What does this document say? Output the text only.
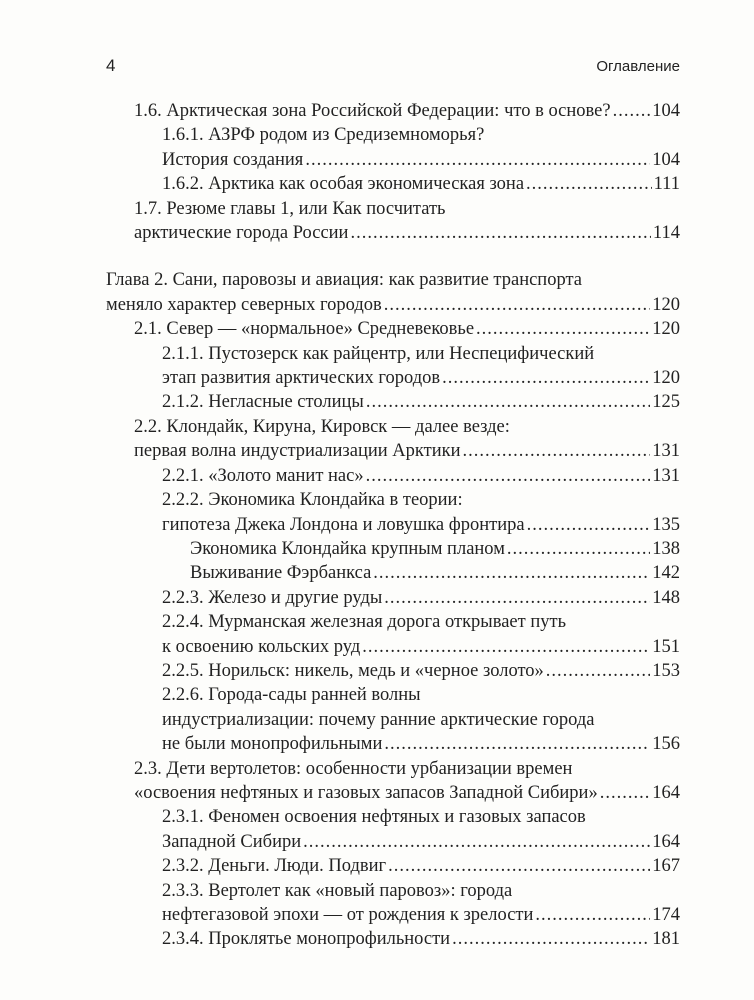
4	Оглавление
1.6. Арктическая зона Российской Федерации: что в основе? ..... 104
1.6.1. АЗРФ родом из Средиземноморья?
История создания .....	104
1.6.2. Арктика как особая экономическая зона .....	111
1.7. Резюме главы 1, или Как посчитать
арктические города России .....	114
Глава 2. Сани, паровозы и авиация: как развитие транспорта
меняло характер северных городов .....	120
2.1. Север — «нормальное» Средневековье .....	120
2.1.1. Пустозерск как райцентр, или Неспецифический
этап развития арктических городов .....	120
2.1.2. Негласные столицы .....	125
2.2. Клондайк, Кируна, Кировск — далее везде:
первая волна индустриализации Арктики .....	131
2.2.1. «Золото манит нас» .....	131
2.2.2. Экономика Клондайка в теории:
гипотеза Джека Лондона и ловушка фронтира .....	135
Экономика Клондайка крупным планом .....	138
Выживание Фэрбанкса .....	142
2.2.3. Железо и другие руды .....	148
2.2.4. Мурманская железная дорога открывает путь
к освоению кольских руд .....	151
2.2.5. Норильск: никель, медь и «черное золото» .....	153
2.2.6. Города-сады ранней волны
индустриализации: почему ранние арктические города
не были монопрофильными .....	156
2.3. Дети вертолетов: особенности урбанизации времен
«освоения нефтяных и газовых запасов Западной Сибири» .....	164
2.3.1. Феномен освоения нефтяных и газовых запасов
Западной Сибири .....	164
2.3.2. Деньги. Люди. Подвиг .....	167
2.3.3. Вертолет как «новый паровоз»: города
нефтегазовой эпохи — от рождения к зрелости .....	174
2.3.4. Проклятье монопрофильности .....	181
